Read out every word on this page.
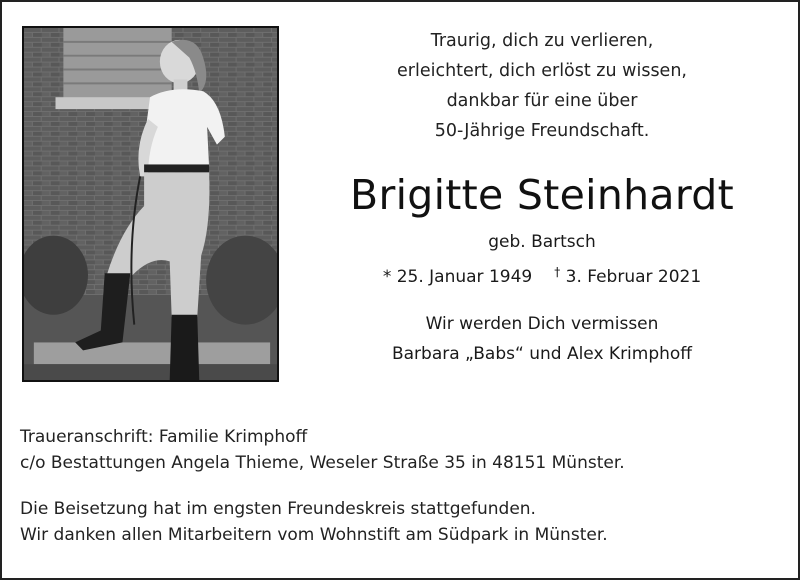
Traurig, dich zu verlieren,
erleichtert, dich erlöst zu wissen,
dankbar für eine über
50-Jährige Freundschaft.
Brigitte Steinhardt
geb. Bartsch
* 25. Januar 1949 † 3. Februar 2021
Wir werden Dich vermissen
Barbara „Babs“ und Alex Krimphoff

Traueranschrift: Familie Krimphoff

c/o Bestattungen Angela Thieme, Weseler Straße 35 in 48151 Münster.

Die Beisetzung hat im engsten Freundeskreis stattgefunden.

Wir danken allen Mitarbeitern vom Wohnstift am Südpark in Münster.
